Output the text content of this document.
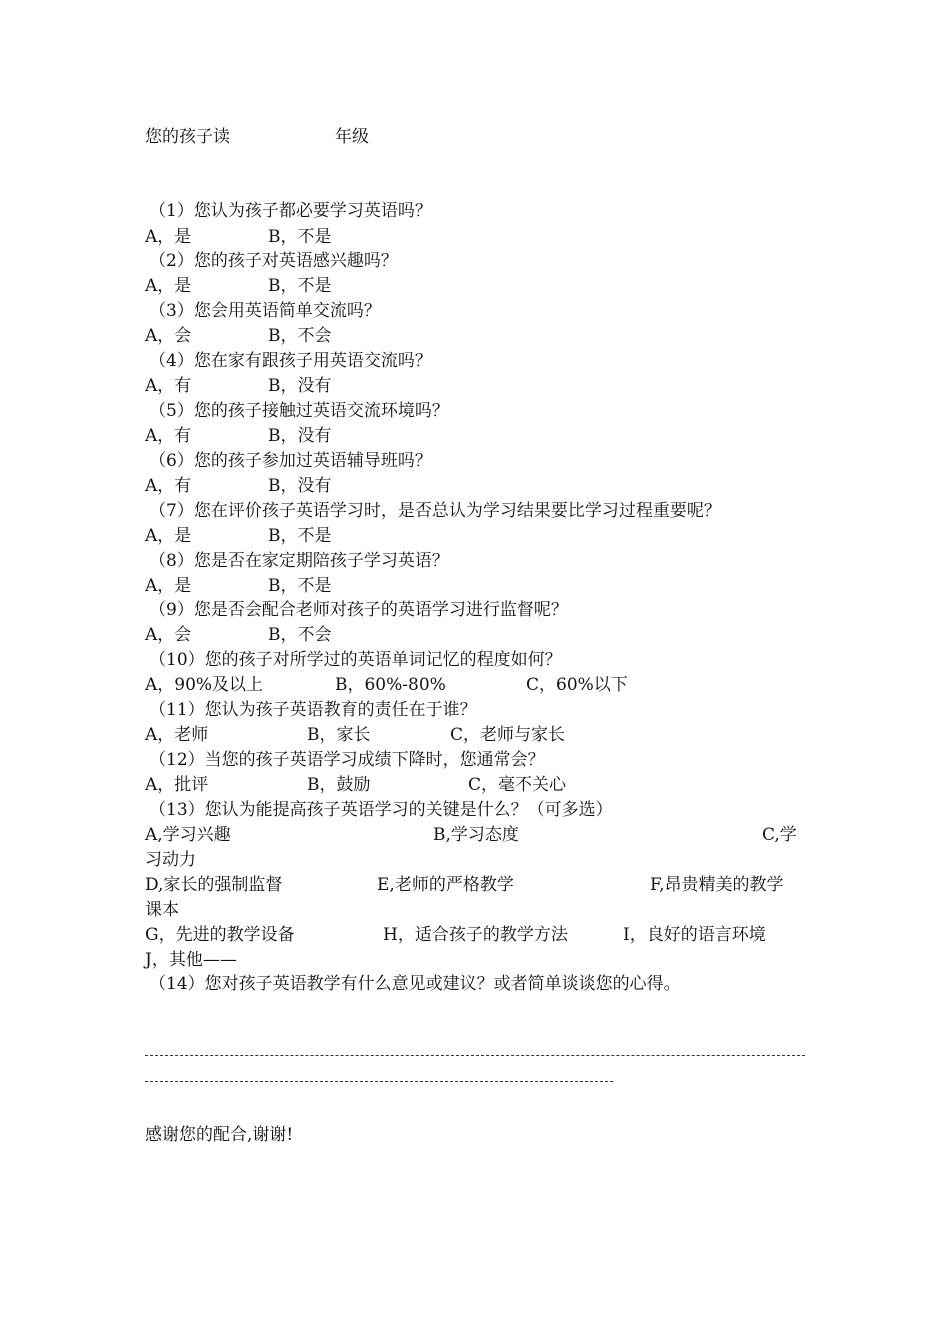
您的孩子读	年级
（1）您认为孩子都必要学习英语吗？
A，是	B，不是
（2）您的孩子对英语感兴趣吗？
A，是	B，不是
（3）您会用英语简单交流吗？
A，会	B，不会
（4）您在家有跟孩子用英语交流吗？
A，有	B，没有
（5）您的孩子接触过英语交流环境吗？
A，有	B，没有
（6）您的孩子参加过英语辅导班吗？
A，有	B，没有
（7）您在评价孩子英语学习时，是否总认为学习结果要比学习过程重要呢？
A，是	B，不是
（8）您是否在家定期陪孩子学习英语？
A，是	B，不是
（9）您是否会配合老师对孩子的英语学习进行监督呢？
A，会	B，不会
（10）您的孩子对所学过的英语单词记忆的程度如何？
A，90%及以上	B，60%-80%	C，60%以下
（11）您认为孩子英语教育的责任在于谁？
A，老师	B，家长	C，老师与家长
（12）当您的孩子英语学习成绩下降时，您通常会？
A，批评	B，鼓励	C，毫不关心
（13）您认为能提高孩子英语学习的关键是什么？（可多选）
A,学习兴趣	B,学习态度	C,学
习动力
D,家长的强制监督	E,老师的严格教学	F,昂贵精美的教学
课本
G，先进的教学设备	H，适合孩子的教学方法	I，良好的语言环境
J，其他——
（14）您对孩子英语教学有什么意见或建议？或者简单谈谈您的心得。
感谢您的配合,谢谢!
